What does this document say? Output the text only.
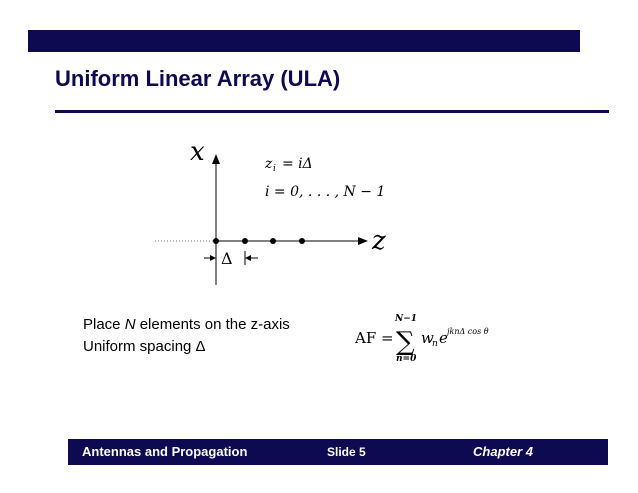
Uniform Linear Array (ULA)
x
z
z i = iΔ
i = 0, . . . , N − 1
Δ
AF =
N−1
∑
n=0
w
n e jknΔ cos θ
Place N elements on the z-axis
Uniform spacing Δ
Antennas and Propagation	Slide 5	Chapter 4
